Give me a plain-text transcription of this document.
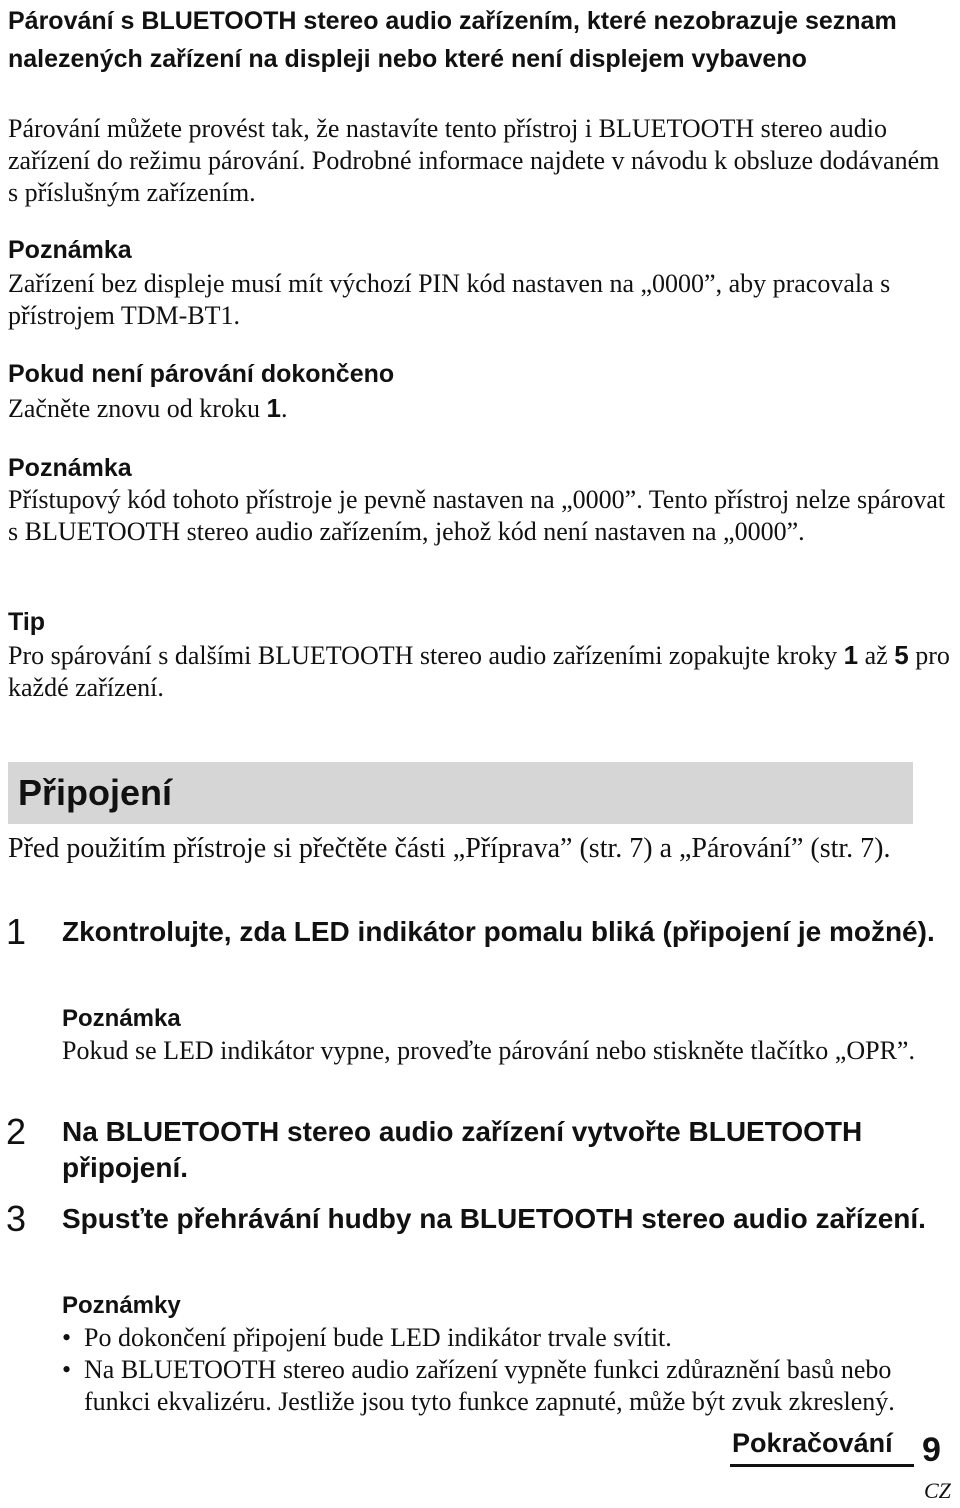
Párování s BLUETOOTH stereo audio zařízením, které nezobrazuje seznam nalezených zařízení na displeji nebo které není displejem vybaveno

Párování můžete provést tak, že nastavíte tento přístroj i BLUETOOTH stereo audio zařízení do režimu párování. Podrobné informace najdete v návodu k obsluze dodávaném s příslušným zařízením.

Poznámka

Zařízení bez displeje musí mít výchozí PIN kód nastaven na „0000”, aby pracovala s přístrojem TDM-BT1.

Pokud není párování dokončeno

Začněte znovu od kroku 1.

Poznámka

Přístupový kód tohoto přístroje je pevně nastaven na „0000”. Tento přístroj nelze spárovat s BLUETOOTH stereo audio zařízením, jehož kód není nastaven na „0000”.

Tip

Pro spárování s dalšími BLUETOOTH stereo audio zařízeními zopakujte kroky 1 až 5 pro každé zařízení.

Připojení

Před použitím přístroje si přečtěte části „Příprava” (str. 7) a „Párování” (str. 7).

1 Zkontrolujte, zda LED indikátor pomalu bliká (připojení je možné).
Poznámka

Pokud se LED indikátor vypne, proveďte párování nebo stiskněte tlačítko „OPR”.

2 Na BLUETOOTH stereo audio zařízení vytvořte BLUETOOTH připojení.
3 Spusťte přehrávání hudby na BLUETOOTH stereo audio zařízení.
Poznámky
• Po dokončení připojení bude LED indikátor trvale svítit.
• Na BLUETOOTH stereo audio zařízení vypněte funkci zdůraznění basů nebo funkci ekvalizéru. Jestliže jsou tyto funkce zapnuté, může být zvuk zkreslený.
Pokračování 9
CZ
